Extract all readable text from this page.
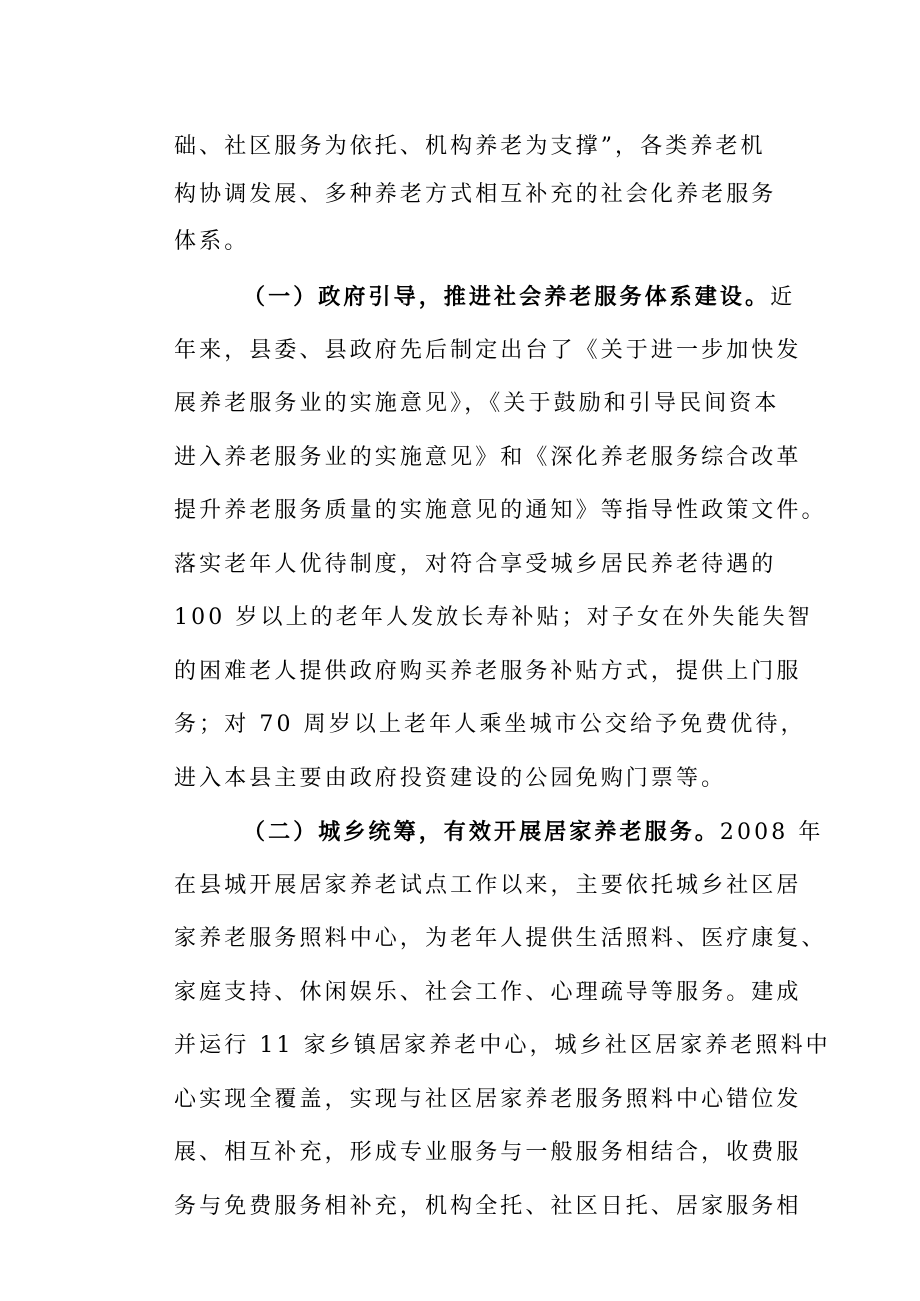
础、社区服务为依托、机构养老为支撑”，各类养老机
构协调发展、多种养老方式相互补充的社会化养老服务
体系。
（一）政府引导，推进社会养老服务体系建设。近
年来，县委、县政府先后制定出台了《关于进一步加快发
展养老服务业的实施意见》，《关于鼓励和引导民间资本
进入养老服务业的实施意见》和《深化养老服务综合改革
提升养老服务质量的实施意见的通知》等指导性政策文件。
落实老年人优待制度，对符合享受城乡居民养老待遇的
100 岁以上的老年人发放长寿补贴；对子女在外失能失智
的困难老人提供政府购买养老服务补贴方式，提供上门服
务；对 70 周岁以上老年人乘坐城市公交给予免费优待，
进入本县主要由政府投资建设的公园免购门票等。
（二）城乡统筹，有效开展居家养老服务。2008 年
在县城开展居家养老试点工作以来，主要依托城乡社区居
家养老服务照料中心，为老年人提供生活照料、医疗康复、
家庭支持、休闲娱乐、社会工作、心理疏导等服务。建成
并运行 11 家乡镇居家养老中心，城乡社区居家养老照料中
心实现全覆盖，实现与社区居家养老服务照料中心错位发
展、相互补充，形成专业服务与一般服务相结合，收费服
务与免费服务相补充，机构全托、社区日托、居家服务相
